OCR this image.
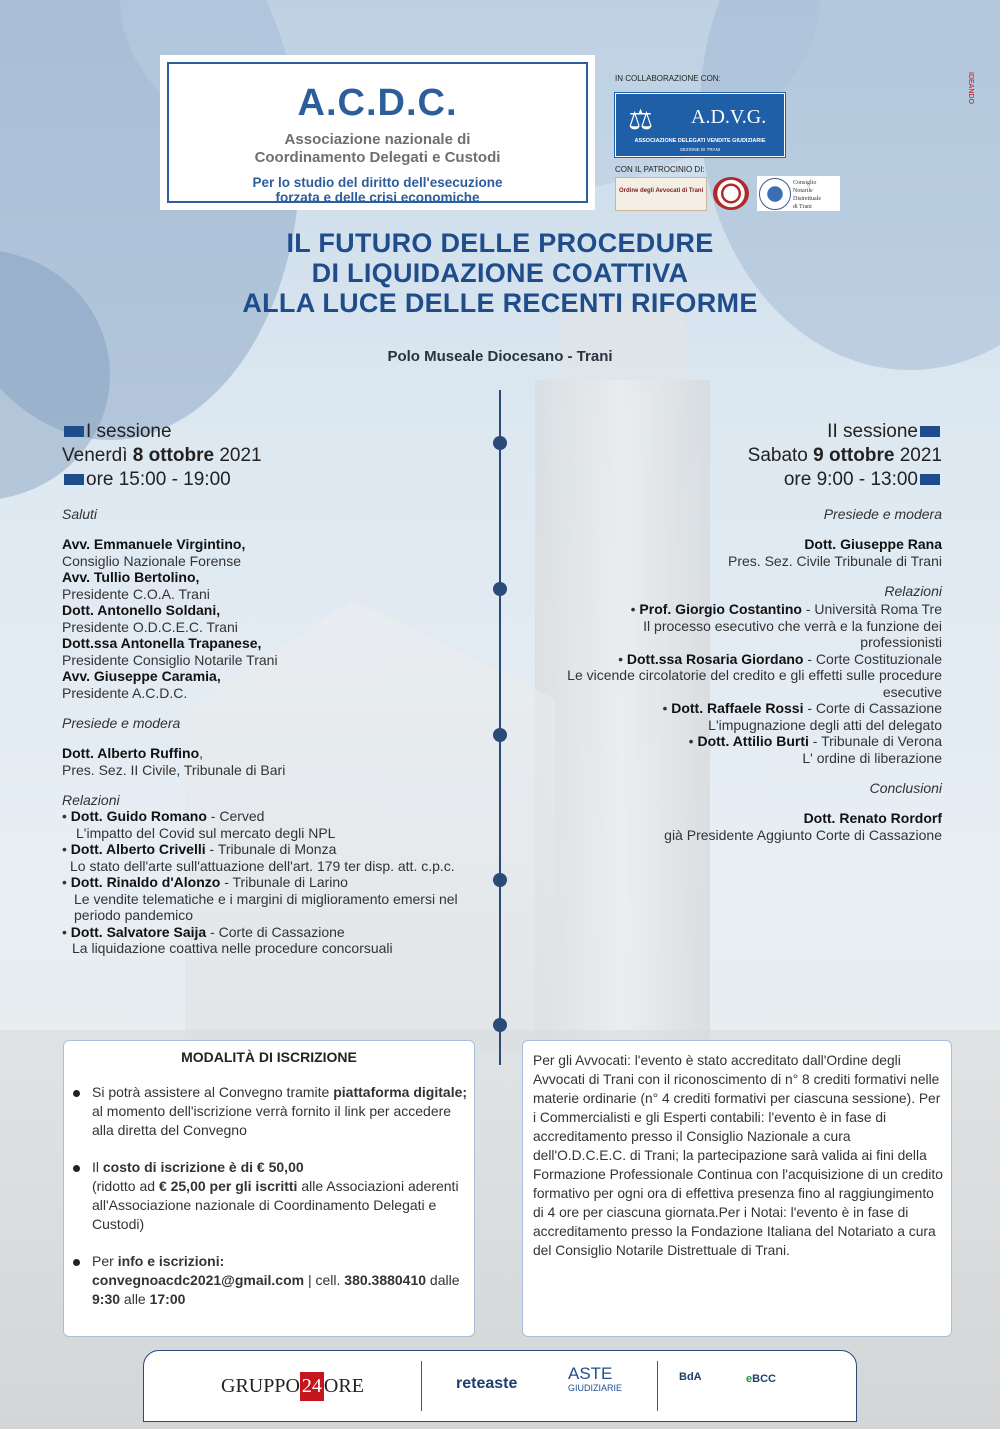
A.C.D.C.
Associazione nazionale di
Coordinamento Delegati e Custodi
Per lo studio del diritto dell'esecuzione
forzata e delle crisi economiche
IN COLLABORAZIONE CON:
⚖ A.D.V.G.
ASSOCIAZIONE DELEGATI VENDITE GIUDIZIARIE
SEZIONE DI TRANI
CON IL PATROCINIO DI:
Ordine degli Avvocati di Trani
Consiglio
Notarile
Distrettuale
di Trani
IDEANDO
IL FUTURO DELLE PROCEDURE
DI LIQUIDAZIONE COATTIVA
ALLA LUCE DELLE RECENTI RIFORME
Polo Museale Diocesano - Trani
I sessione
Venerdì 8 ottobre 2021
ore 15:00 - 19:00
Saluti
Avv. Emmanuele Virgintino,
Consiglio Nazionale Forense
Avv. Tullio Bertolino,
Presidente C.O.A. Trani
Dott. Antonello Soldani,
Presidente O.D.C.E.C. Trani
Dott.ssa Antonella Trapanese,
Presidente Consiglio Notarile Trani
Avv. Giuseppe Caramia,
Presidente A.C.D.C.
Presiede e modera
Dott. Alberto Ruffino,
Pres. Sez. II Civile, Tribunale di Bari
Relazioni
• Dott. Guido Romano - Cerved
L'impatto del Covid sul mercato degli NPL
• Dott. Alberto Crivelli - Tribunale di Monza
Lo stato dell'arte sull'attuazione dell'art. 179 ter disp. att. c.p.c.
• Dott. Rinaldo d'Alonzo - Tribunale di Larino
Le vendite telematiche e i margini di miglioramento emersi nel periodo pandemico
• Dott. Salvatore Saija - Corte di Cassazione
La liquidazione coattiva nelle procedure concorsuali
II sessione
Sabato 9 ottobre 2021
ore 9:00 - 13:00
Presiede e modera
Dott. Giuseppe Rana
Pres. Sez. Civile Tribunale di Trani
Relazioni
• Prof. Giorgio Costantino - Università Roma Tre
Il processo esecutivo che verrà e la funzione dei professionisti
• Dott.ssa Rosaria Giordano - Corte Costituzionale
Le vicende circolatorie del credito e gli effetti sulle procedure esecutive
• Dott. Raffaele Rossi - Corte di Cassazione
L'impugnazione degli atti del delegato
• Dott. Attilio Burti - Tribunale di Verona
L' ordine di liberazione
Conclusioni
Dott. Renato Rordorf
già Presidente Aggiunto Corte di Cassazione
MODALITÀ DI ISCRIZIONE
Si potrà assistere al Convegno tramite piattaforma digitale; al momento dell'iscrizione verrà fornito il link per accedere alla diretta del Convegno
Il costo di iscrizione è di € 50,00
(ridotto ad € 25,00 per gli iscritti alle Associazioni aderenti all'Associazione nazionale di Coordinamento Delegati e Custodi)
Per info e iscrizioni:
convegnoacdc2021@gmail.com | cell. 380.3880410 dalle 9:30 alle 17:00
Per gli Avvocati: l'evento è stato accreditato dall'Ordine degli Avvocati di Trani con il riconoscimento di n° 8 crediti formativi nelle materie ordinarie (n° 4 crediti formativi per ciascuna sessione). Per i Commercialisti e gli Esperti contabili: l'evento è in fase di accreditamento presso il Consiglio Nazionale a cura dell'O.D.C.E.C. di Trani; la partecipazione sarà valida ai fini della Formazione Professionale Continua con l'acquisizione di un credito formativo per ogni ora di effettiva presenza fino al raggiungimento di 4 ore per ciascuna giornata.Per i Notai: l'evento è in fase di accreditamento presso la Fondazione Italiana del Notariato a cura del Consiglio Notarile Distrettuale di Trani.
GRUPPO 24 ORE	reteaste
ASTE
GIUDIZIARIE
BdA	eBCC
